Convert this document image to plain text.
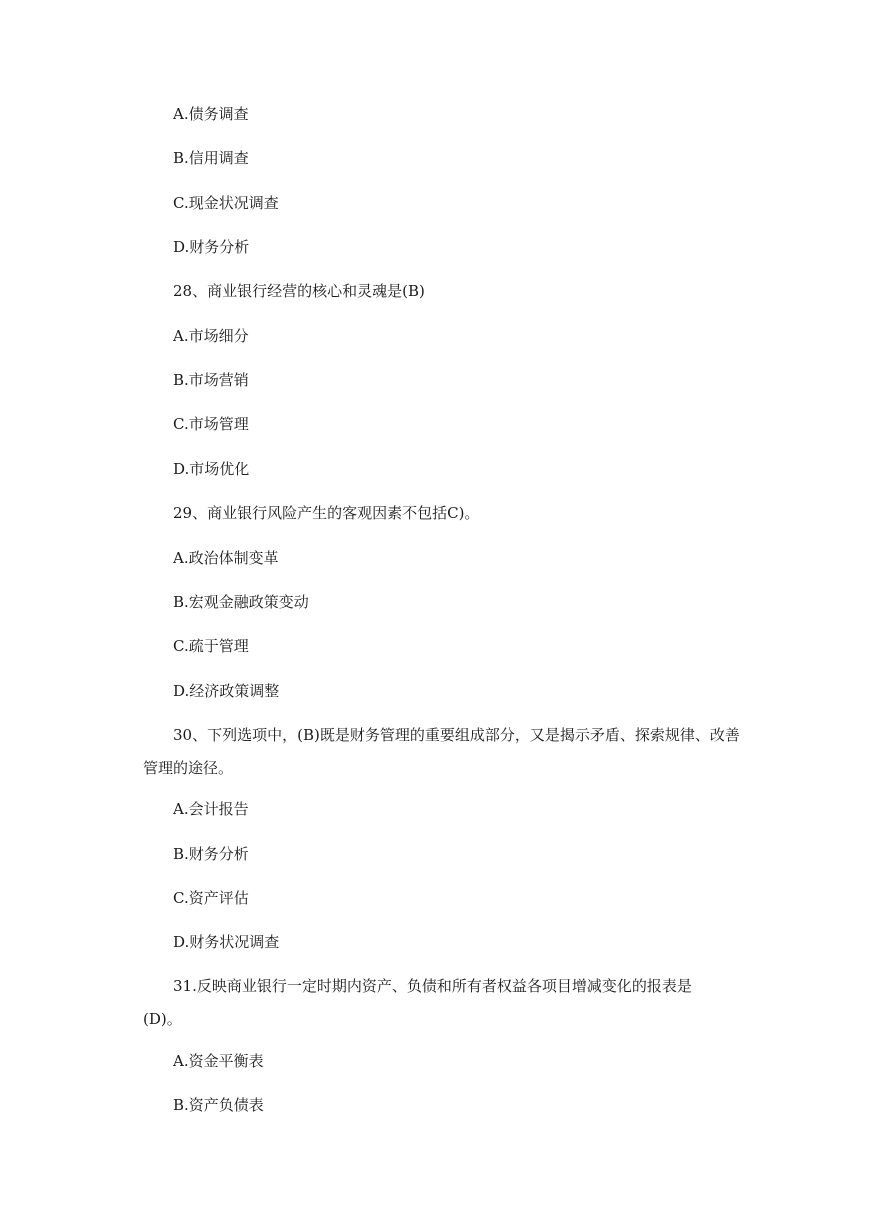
A.债务调查
B.信用调查
C.现金状况调查
D.财务分析
28、商业银行经营的核心和灵魂是(B)
A.市场细分
B.市场营销
C.市场管理
D.市场优化
29、商业银行风险产生的客观因素不包括C)。
A.政治体制变革
B.宏观金融政策变动
C.疏于管理
D.经济政策调整
30、下列选项中，(B)既是财务管理的重要组成部分，又是揭示矛盾、探索规律、改善管理的途径。
A.会计报告
B.财务分析
C.资产评估
D.财务状况调查
31.反映商业银行一定时期内资产、负债和所有者权益各项目增减变化的报表是(D)。
A.资金平衡表
B.资产负债表
